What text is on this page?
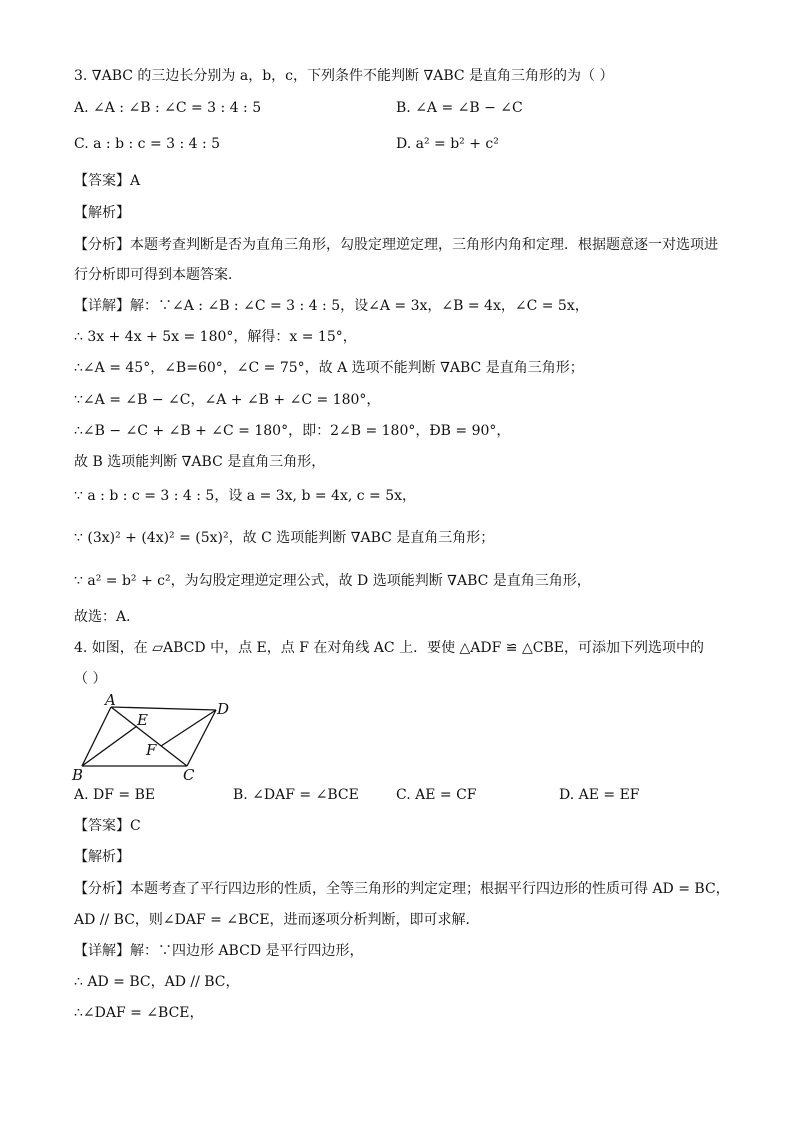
3. ∇ABC 的三边长分别为 a，b，c，下列条件不能判断 ∇ABC 是直角三角形的为（ ）
A. ∠A : ∠B : ∠C = 3 : 4 : 5	B. ∠A = ∠B − ∠C
C. a : b : c = 3 : 4 : 5	D. a² = b² + c²
【答案】A
【解析】
【分析】本题考查判断是否为直角三角形，勾股定理逆定理，三角形内角和定理．根据题意逐一对选项进
行分析即可得到本题答案．
【详解】解：∵∠A : ∠B : ∠C = 3 : 4 : 5，设∠A = 3x，∠B = 4x，∠C = 5x，
∴ 3x + 4x + 5x = 180°，解得：x = 15°，
∴∠A = 45°，∠B=60°，∠C = 75°，故 A 选项不能判断 ∇ABC 是直角三角形；
∵∠A = ∠B − ∠C，∠A + ∠B + ∠C = 180°，
∴∠B − ∠C + ∠B + ∠C = 180°，即：2∠B = 180°，ÐB = 90°，
故 B 选项能判断 ∇ABC 是直角三角形，
∵ a : b : c = 3 : 4 : 5，设 a = 3x, b = 4x, c = 5x，
∵ (3x)² + (4x)² = (5x)²，故 C 选项能判断 ∇ABC 是直角三角形；
∵ a² = b² + c²，为勾股定理逆定理公式，故 D 选项能判断 ∇ABC 是直角三角形，
故选：A．
4. 如图，在 ▱ABCD 中，点 E，点 F 在对角线 AC 上．要使 △ADF ≌ △CBE，可添加下列选项中的
（ ）
A
B	C
D
E
F
A. DF = BE	B. ∠DAF = ∠BCE	C. AE = CF	D. AE = EF
【答案】C
【解析】
【分析】本题考查了平行四边形的性质，全等三角形的判定定理；根据平行四边形的性质可得 AD = BC，
AD // BC，则∠DAF = ∠BCE，进而逐项分析判断，即可求解．
【详解】解：∵四边形 ABCD 是平行四边形，
∴ AD = BC，AD // BC，
∴∠DAF = ∠BCE，
